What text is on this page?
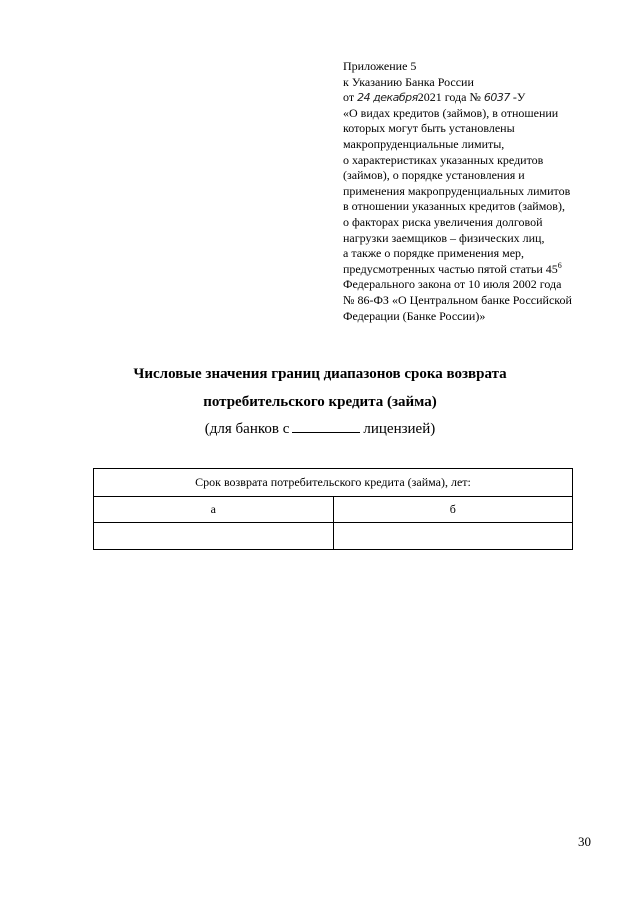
Приложение 5
к Указанию Банка России
от 24 декабря2021 года № 6037 -У
«О видах кредитов (займов), в отношении
которых могут быть установлены
макропруденциальные лимиты,
о характеристиках указанных кредитов
(займов), о порядке установления и
применения макропруденциальных лимитов
в отношении указанных кредитов (займов),
о факторах риска увеличения долговой
нагрузки заемщиков – физических лиц,
а также о порядке применения мер,
предусмотренных частью пятой статьи $45^6$
Федерального закона от 10 июля 2002 года
№ 86-ФЗ «О Центральном банке Российской
Федерации (Банке России)»
Числовые значения границ диапазонов срока возврата
потребительского кредита (займа)
(для банков с	лицензией)
Срок возврата потребительского кредита (займа), лет:	
а	б

30
